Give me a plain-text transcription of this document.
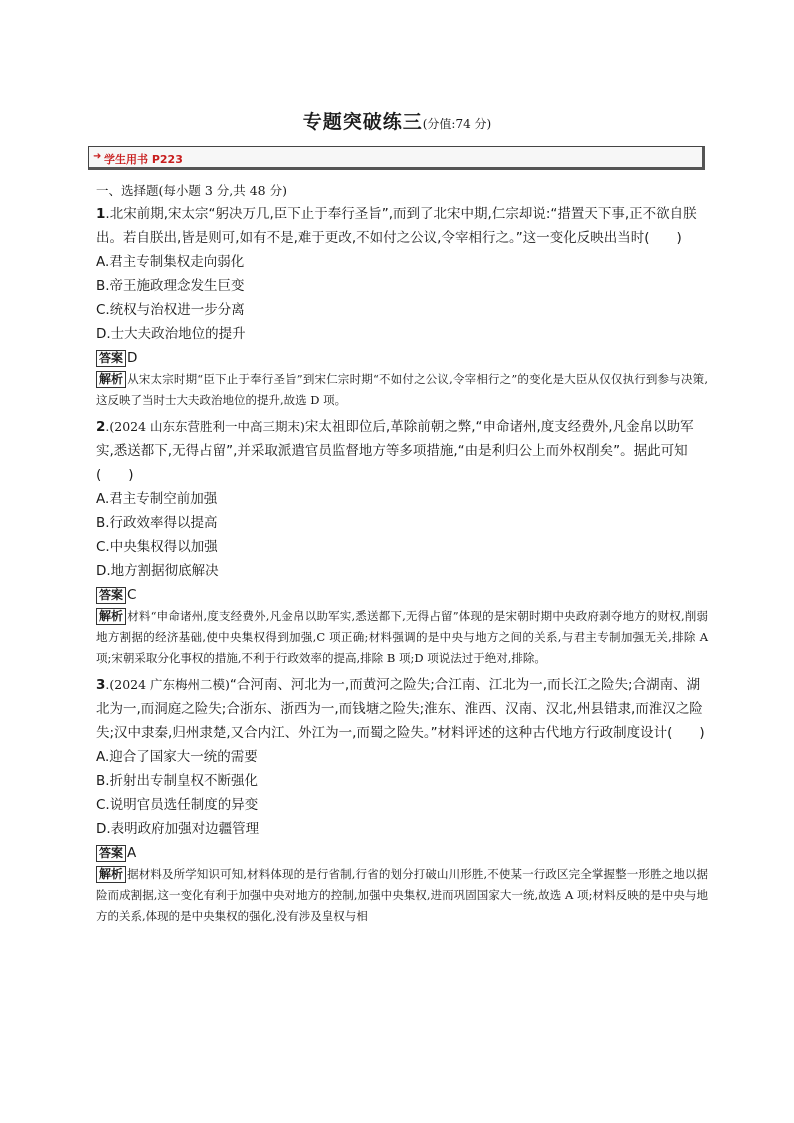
专题突破练三(分值:74 分)
➜ 学生用书 P223
一、选择题(每小题 3 分,共 48 分)

1.北宋前期,宋太宗“躬决万几,臣下止于奉行圣旨”,而到了北宋中期,仁宗却说:“措置天下事,正不欲自朕出。若自朕出,皆是则可,如有不是,难于更改,不如付之公议,令宰相行之。”这一变化反映出当时(　　)

A.君主专制集权走向弱化
B.帝王施政理念发生巨变
C.统权与治权进一步分离
D.士大夫政治地位的提升
答案 D
解析 从宋太宗时期“臣下止于奉行圣旨”到宋仁宗时期“不如付之公议,令宰相行之”的变化是大臣从仅仅执行到参与决策,这反映了当时士大夫政治地位的提升,故选 D 项。

2.(2024 山东东营胜利一中高三期末)宋太祖即位后,革除前朝之弊,“申命诸州,度支经费外,凡金帛以助军实,悉送都下,无得占留”,并采取派遣官员监督地方等多项措施,“由是利归公上而外权削矣”。据此可知(　　)

A.君主专制空前加强
B.行政效率得以提高
C.中央集权得以加强
D.地方割据彻底解决
答案 C
解析 材料“申命诸州,度支经费外,凡金帛以助军实,悉送都下,无得占留”体现的是宋朝时期中央政府剥夺地方的财权,削弱地方割据的经济基础,使中央集权得到加强,C 项正确;材料强调的是中央与地方之间的关系,与君主专制加强无关,排除 A 项;宋朝采取分化事权的措施,不利于行政效率的提高,排除 B 项;D 项说法过于绝对,排除。

3.(2024 广东梅州二模)“合河南、河北为一,而黄河之险失;合江南、江北为一,而长江之险失;合湖南、湖北为一,而洞庭之险失;合浙东、浙西为一,而钱塘之险失;淮东、淮西、汉南、汉北,州县错隶,而淮汉之险失;汉中隶秦,归州隶楚,又合内江、外江为一,而蜀之险失。”材料评述的这种古代地方行政制度设计(　　)

A.迎合了国家大一统的需要
B.折射出专制皇权不断强化
C.说明官员选任制度的异变
D.表明政府加强对边疆管理
答案 A
解析 据材料及所学知识可知,材料体现的是行省制,行省的划分打破山川形胜,不使某一行政区完全掌握整一形胜之地以据险而成割据,这一变化有利于加强中央对地方的控制,加强中央集权,进而巩固国家大一统,故选 A 项;材料反映的是中央与地方的关系,体现的是中央集权的强化,没有涉及皇权与相
